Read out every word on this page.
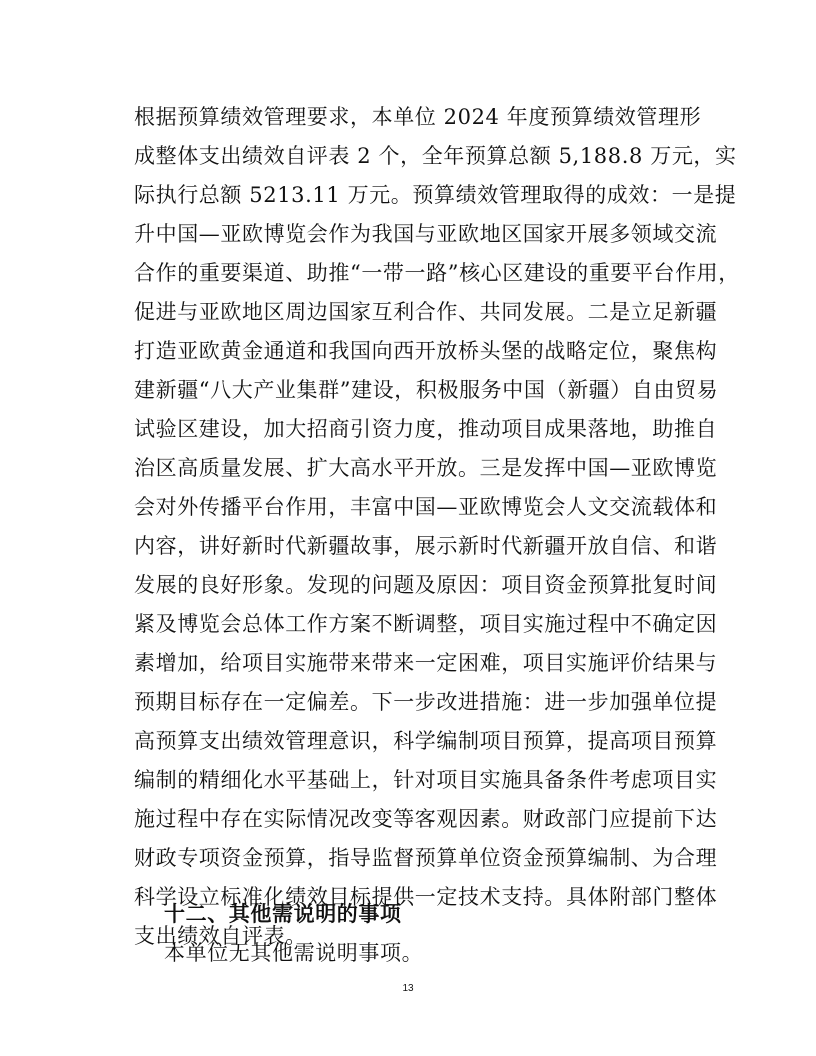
根据预算绩效管理要求，本单位 2024 年度预算绩效管理形
成整体支出绩效自评表 2 个，全年预算总额 5,188.8 万元，实
际执行总额 5213.11 万元。预算绩效管理取得的成效：一是提
升中国—亚欧博览会作为我国与亚欧地区国家开展多领域交流
合作的重要渠道、助推“一带一路”核心区建设的重要平台作用，
促进与亚欧地区周边国家互利合作、共同发展。二是立足新疆
打造亚欧黄金通道和我国向西开放桥头堡的战略定位，聚焦构
建新疆“八大产业集群”建设，积极服务中国（新疆）自由贸易
试验区建设，加大招商引资力度，推动项目成果落地，助推自
治区高质量发展、扩大高水平开放。三是发挥中国—亚欧博览
会对外传播平台作用，丰富中国—亚欧博览会人文交流载体和
内容，讲好新时代新疆故事，展示新时代新疆开放自信、和谐
发展的良好形象。发现的问题及原因：项目资金预算批复时间
紧及博览会总体工作方案不断调整，项目实施过程中不确定因
素增加，给项目实施带来带来一定困难，项目实施评价结果与
预期目标存在一定偏差。下一步改进措施：进一步加强单位提
高预算支出绩效管理意识，科学编制项目预算，提高项目预算
编制的精细化水平基础上，针对项目实施具备条件考虑项目实
施过程中存在实际情况改变等客观因素。财政部门应提前下达
财政专项资金预算，指导监督预算单位资金预算编制、为合理
科学设立标准化绩效目标提供一定技术支持。具体附部门整体
支出绩效自评表。
十二、其他需说明的事项
本单位无其他需说明事项。
13
